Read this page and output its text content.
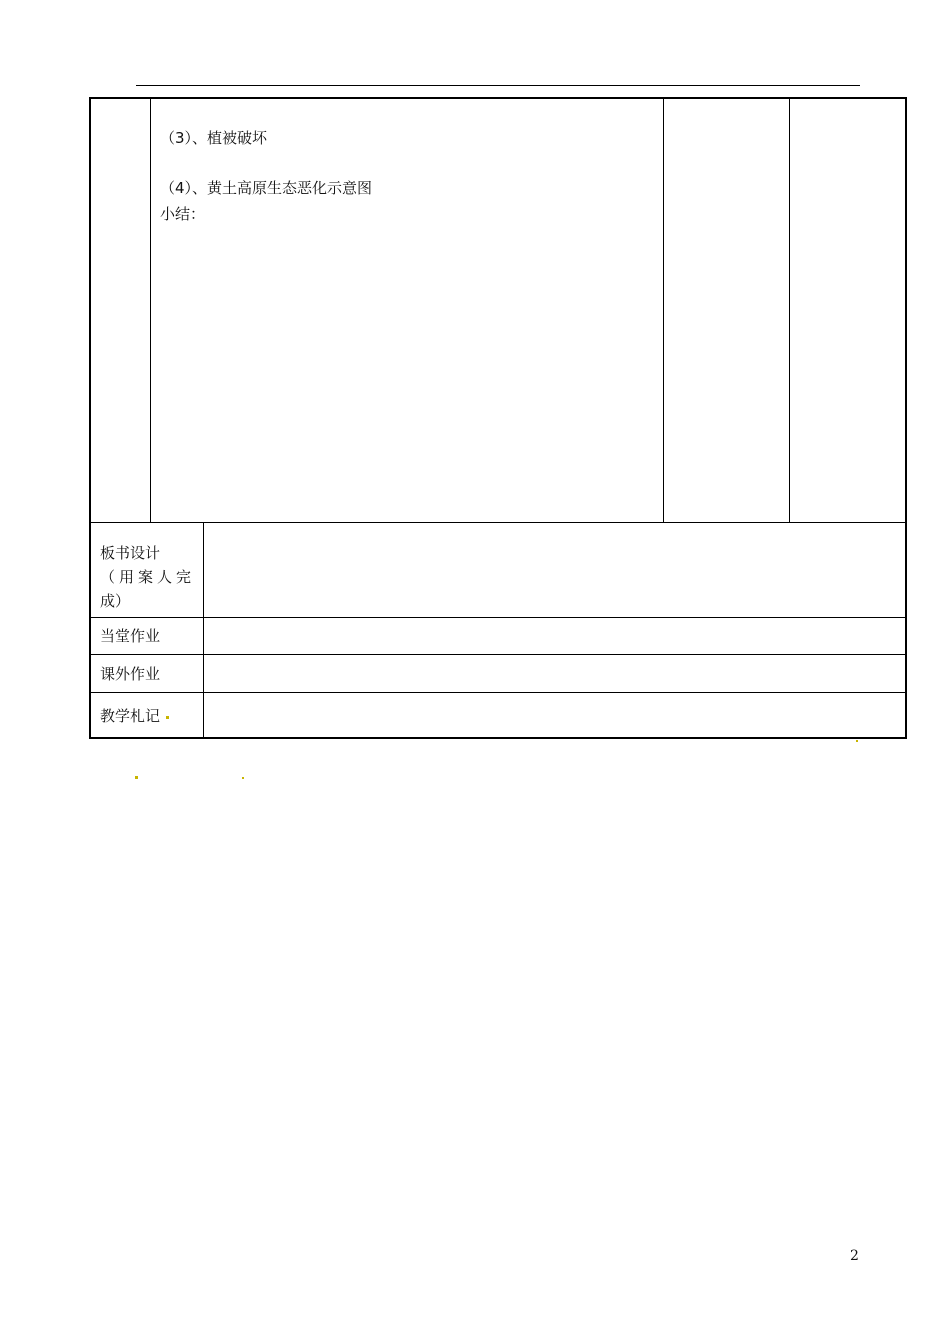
（3）、植被破坏
（4）、黄土高原生态恶化示意图
小结：
板书设计
（用案人完
成）
当堂作业
课外作业
教学札记
2
